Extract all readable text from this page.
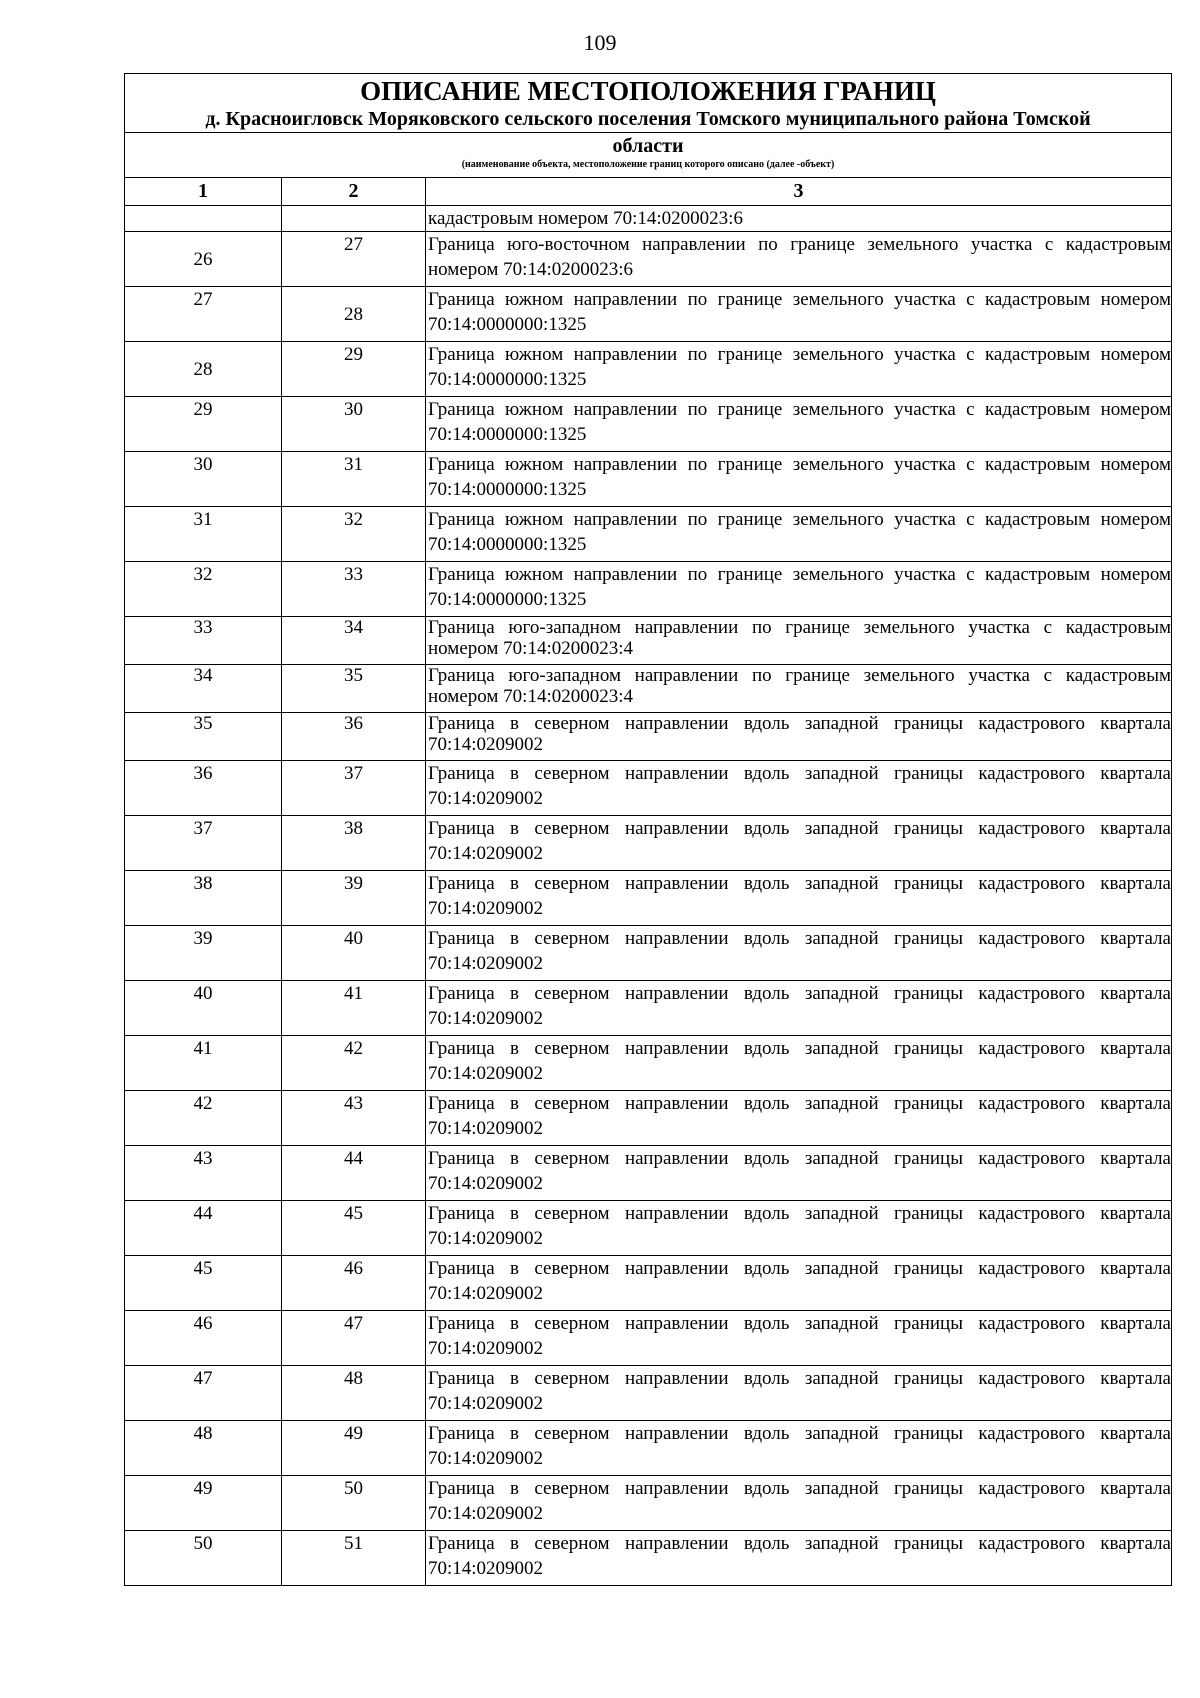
109
ОПИСАНИЕ МЕСТОПОЛОЖЕНИЯ ГРАНИЦ
д. Красноигловск Моряковского сельского поселения Томского муниципального района Томской
области
(наименование объекта, местоположение границ которого описано (далее -объект)		

1	2	3
		кадастровым номером 70:14:0200023:6
26	27	Граница юго-восточном направлении по границе земельного участка с кадастровым номером 70:14:0200023:6
27	28	Граница южном направлении по границе земельного участка с кадастровым номером 70:14:0000000:1325
28	29	Граница южном направлении по границе земельного участка с кадастровым номером 70:14:0000000:1325
29	30	Граница южном направлении по границе земельного участка с кадастровым номером 70:14:0000000:1325
30	31	Граница южном направлении по границе земельного участка с кадастровым номером 70:14:0000000:1325
31	32	Граница южном направлении по границе земельного участка с кадастровым номером 70:14:0000000:1325
32	33	Граница южном направлении по границе земельного участка с кадастровым номером 70:14:0000000:1325
33	34	Граница юго-западном направлении по границе земельного участка с кадастровым номером 70:14:0200023:4
34	35	Граница юго-западном направлении по границе земельного участка с кадастровым номером 70:14:0200023:4
35	36	Граница в северном направлении вдоль западной границы кадастрового квартала 70:14:0209002
36	37	Граница в северном направлении вдоль западной границы кадастрового квартала 70:14:0209002
37	38	Граница в северном направлении вдоль западной границы кадастрового квартала 70:14:0209002
38	39	Граница в северном направлении вдоль западной границы кадастрового квартала 70:14:0209002
39	40	Граница в северном направлении вдоль западной границы кадастрового квартала 70:14:0209002
40	41	Граница в северном направлении вдоль западной границы кадастрового квартала 70:14:0209002
41	42	Граница в северном направлении вдоль западной границы кадастрового квартала 70:14:0209002
42	43	Граница в северном направлении вдоль западной границы кадастрового квартала 70:14:0209002
43	44	Граница в северном направлении вдоль западной границы кадастрового квартала 70:14:0209002
44	45	Граница в северном направлении вдоль западной границы кадастрового квартала 70:14:0209002
45	46	Граница в северном направлении вдоль западной границы кадастрового квартала 70:14:0209002
46	47	Граница в северном направлении вдоль западной границы кадастрового квартала 70:14:0209002
47	48	Граница в северном направлении вдоль западной границы кадастрового квартала 70:14:0209002
48	49	Граница в северном направлении вдоль западной границы кадастрового квартала 70:14:0209002
49	50	Граница в северном направлении вдоль западной границы кадастрового квартала 70:14:0209002
50	51	Граница в северном направлении вдоль западной границы кадастрового квартала 70:14:0209002
